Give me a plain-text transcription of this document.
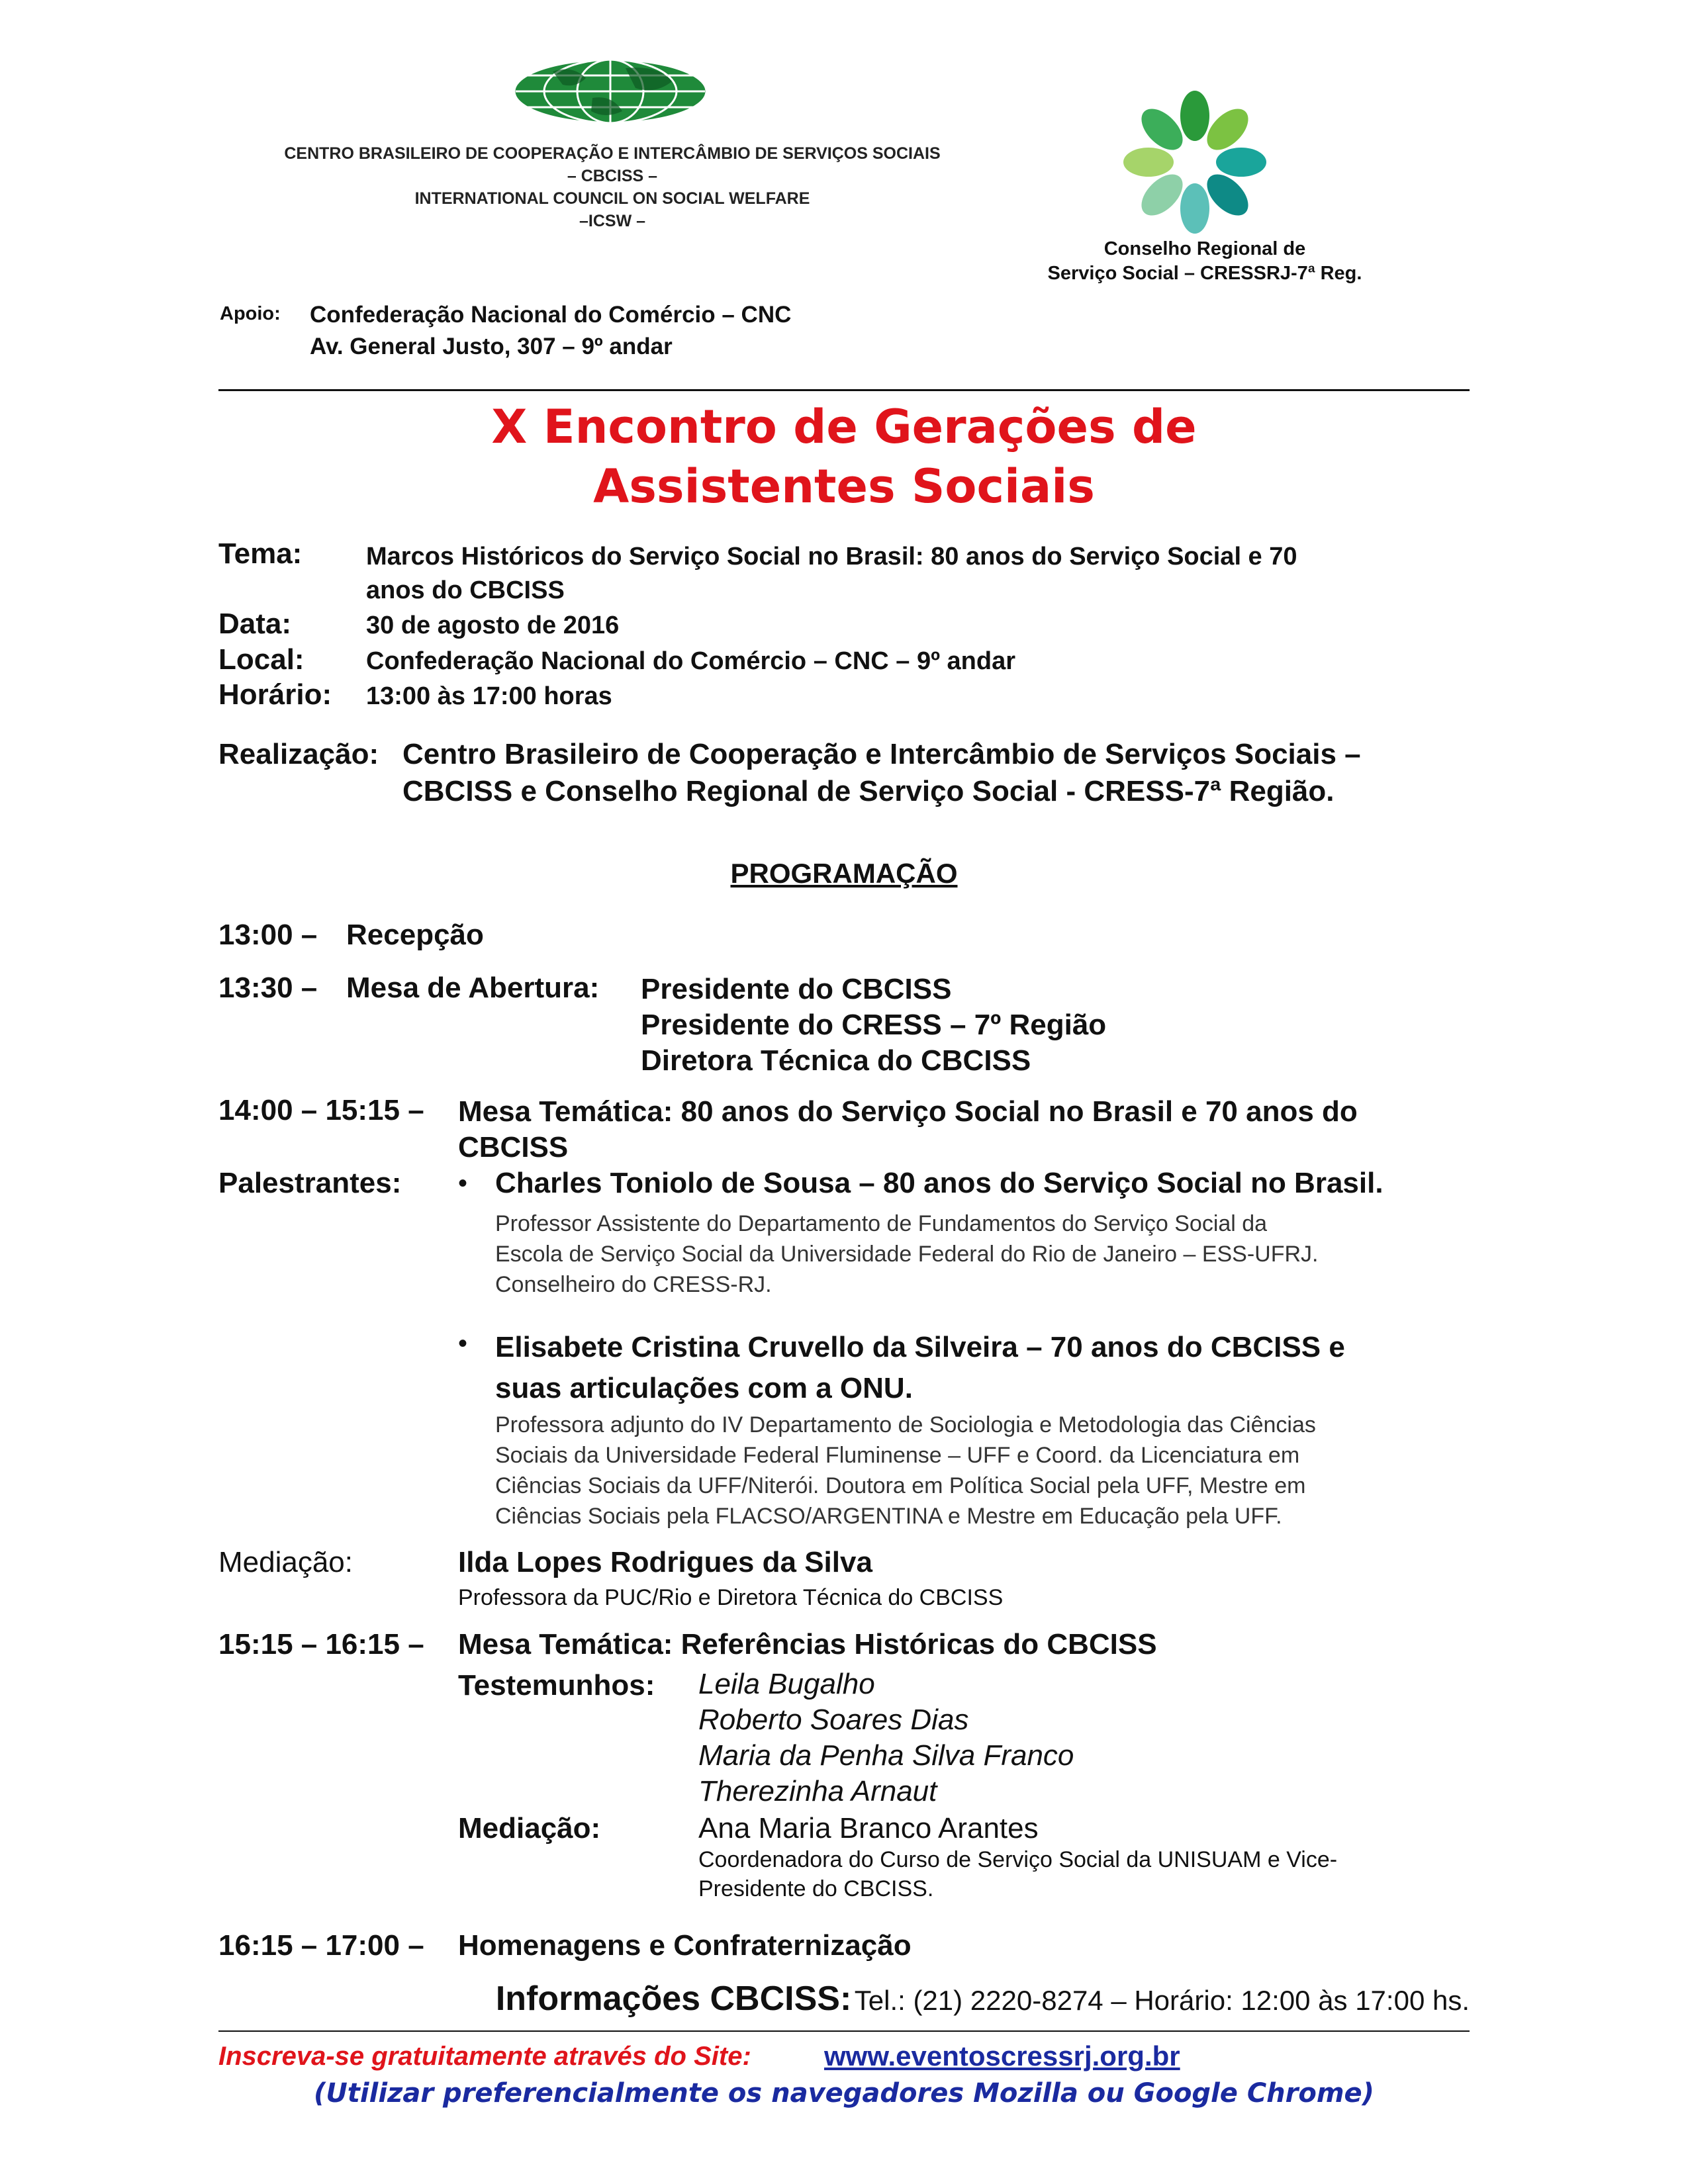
CENTRO BRASILEIRO DE COOPERAÇÃO E INTERCÂMBIO DE SERVIÇOS SOCIAIS
– CBCISS –
INTERNATIONAL COUNCIL ON SOCIAL WELFARE
–ICSW –
Conselho Regional de
Serviço Social – CRESSRJ-7ª Reg.
Apoio: Confederação Nacional do Comércio – CNC
Av. General Justo, 307 – 9º andar
X Encontro de Gerações de
Assistentes Sociais
Tema:	Marcos Históricos do Serviço Social no Brasil: 80 anos do Serviço Social e 70
anos do CBCISS
Data:	30 de agosto de 2016
Local: Confederação Nacional do Comércio – CNC – 9º andar
Horário: 13:00 às 17:00 horas
Realização: Centro Brasileiro de Cooperação e Intercâmbio de Serviços Sociais –
CBCISS e Conselho Regional de Serviço Social - CRESS-7ª Região.
PROGRAMAÇÃO
13:00 – Recepção
13:30 – Mesa de Abertura: Presidente do CBCISS
Presidente do CRESS – 7º Região
Diretora Técnica do CBCISS
14:00 – 15:15 – Mesa Temática: 80 anos do Serviço Social no Brasil e 70 anos do
CBCISS
Palestrantes: • Charles Toniolo de Sousa – 80 anos do Serviço Social no Brasil.
Professor Assistente do Departamento de Fundamentos do Serviço Social da
Escola de Serviço Social da Universidade Federal do Rio de Janeiro – ESS-UFRJ.
Conselheiro do CRESS-RJ.
• Elisabete Cristina Cruvello da Silveira – 70 anos do CBCISS e
suas articulações com a ONU.
Professora adjunto do IV Departamento de Sociologia e Metodologia das Ciências
Sociais da Universidade Federal Fluminense – UFF e Coord. da Licenciatura em
Ciências Sociais da UFF/Niterói. Doutora em Política Social pela UFF, Mestre em
Ciências Sociais pela FLACSO/ARGENTINA e Mestre em Educação pela UFF.
Mediação:	Ilda Lopes Rodrigues da Silva
Professora da PUC/Rio e Diretora Técnica do CBCISS
15:15 – 16:15 – Mesa Temática: Referências Históricas do CBCISS
Testemunhos: Leila Bugalho
Roberto Soares Dias
Maria da Penha Silva Franco
Therezinha Arnaut
Mediação:	Ana Maria Branco Arantes
Coordenadora do Curso de Serviço Social da UNISUAM e Vice-
Presidente do CBCISS.
16:15 – 17:00 – Homenagens e Confraternização
Informações CBCISS: Tel.: (21) 2220-8274 – Horário: 12:00 às 17:00 hs.
Inscreva-se gratuitamente através do Site:	www.eventoscressrj.org.br
(Utilizar preferencialmente os navegadores Mozilla ou Google Chrome)
